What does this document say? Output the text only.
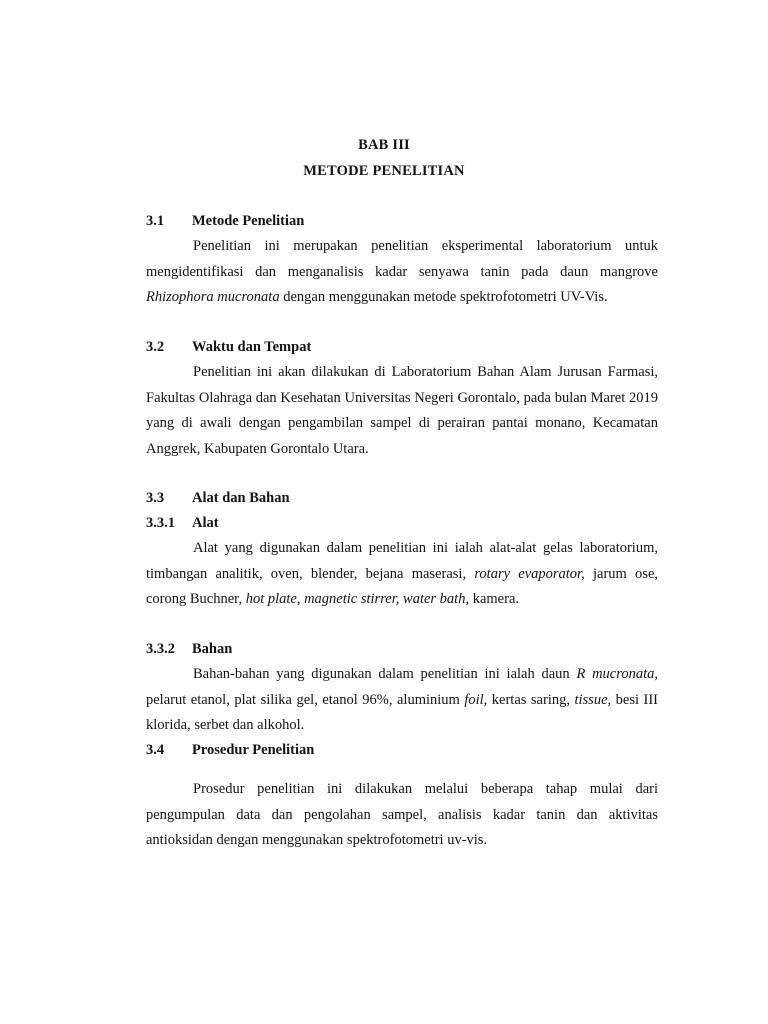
BAB III
METODE PENELITIAN
3.1 Metode Penelitian
Penelitian ini merupakan penelitian eksperimental laboratorium untuk mengidentifikasi dan menganalisis kadar senyawa tanin pada daun mangrove Rhizophora mucronata dengan menggunakan metode spektrofotometri UV-Vis.
3.2 Waktu dan Tempat
Penelitian ini akan dilakukan di Laboratorium Bahan Alam Jurusan Farmasi, Fakultas Olahraga dan Kesehatan Universitas Negeri Gorontalo, pada bulan Maret 2019 yang di awali dengan pengambilan sampel di perairan pantai monano, Kecamatan Anggrek, Kabupaten Gorontalo Utara.
3.3 Alat dan Bahan
3.3.1 Alat
Alat yang digunakan dalam penelitian ini ialah alat-alat gelas laboratorium, timbangan analitik, oven, blender, bejana maserasi, rotary evaporator, jarum ose, corong Buchner, hot plate, magnetic stirrer, water bath, kamera.
3.3.2 Bahan
Bahan-bahan yang digunakan dalam penelitian ini ialah daun R mucronata, pelarut etanol, plat silika gel, etanol 96%, aluminium foil, kertas saring, tissue, besi III klorida, serbet dan alkohol.
3.4 Prosedur Penelitian
Prosedur penelitian ini dilakukan melalui beberapa tahap mulai dari pengumpulan data dan pengolahan sampel, analisis kadar tanin dan aktivitas antioksidan dengan menggunakan spektrofotometri uv-vis.
